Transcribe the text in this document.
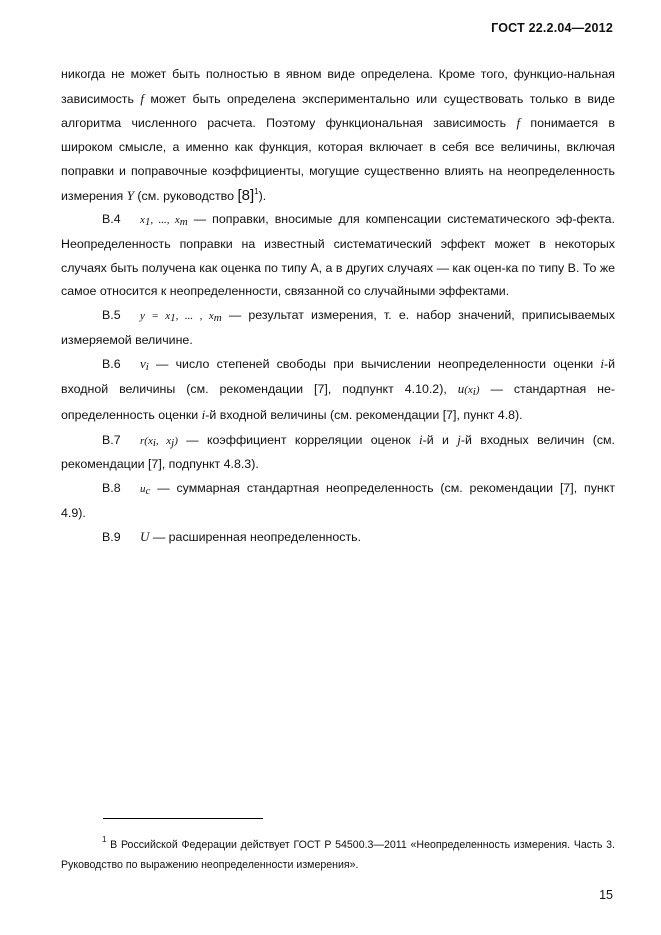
ГОСТ 22.2.04—2012

никогда не может быть полностью в явном виде определена. Кроме того, функцио-нальная зависимость f может быть определена экспериментально или существовать только в виде алгоритма численного расчета. Поэтому функциональная зависимость f понимается в широком смысле, а именно как функция, которая включает в себя все величины, включая поправки и поправочные коэффициенты, могущие существенно влиять на неопределенность измерения Y (см. руководство $[8]^1$).

В.4 $x_1$, ..., $x_m$ — поправки, вносимые для компенсации систематического эф-фекта. Неопределенность поправки на известный систематический эффект может в некоторых случаях быть получена как оценка по типу А, а в других случаях — как оцен-ка по типу В. То же самое относится к неопределенности, связанной со случайными эффектами.

В.5 $y = x_1$, ... , $x_m$ — результат измерения, т. е. набор значений, приписываемых измеряемой величине.

В.6 $v_i$ — число степеней свободы при вычислении неопределенности оценки i-й входной величины (см. рекомендации [7], подпункт 4.10.2), $u(x_i)$ — стандартная не-определенность оценки i-й входной величины (см. рекомендации [7], пункт 4.8).

В.7 $r(x_i$, $x_j$) — коэффициент корреляции оценок i-й и j-й входных величин (см. рекомендации [7], подпункт 4.8.3).

В.8 $u_c$ — суммарная стандартная неопределенность (см. рекомендации [7], пункт 4.9).

В.9 U — расширенная неопределенность.

$^1$ В Российской Федерации действует ГОСТ Р 54500.3—2011 «Неопределенность измерения. Часть 3. Руководство по выражению неопределенности измерения».

15
